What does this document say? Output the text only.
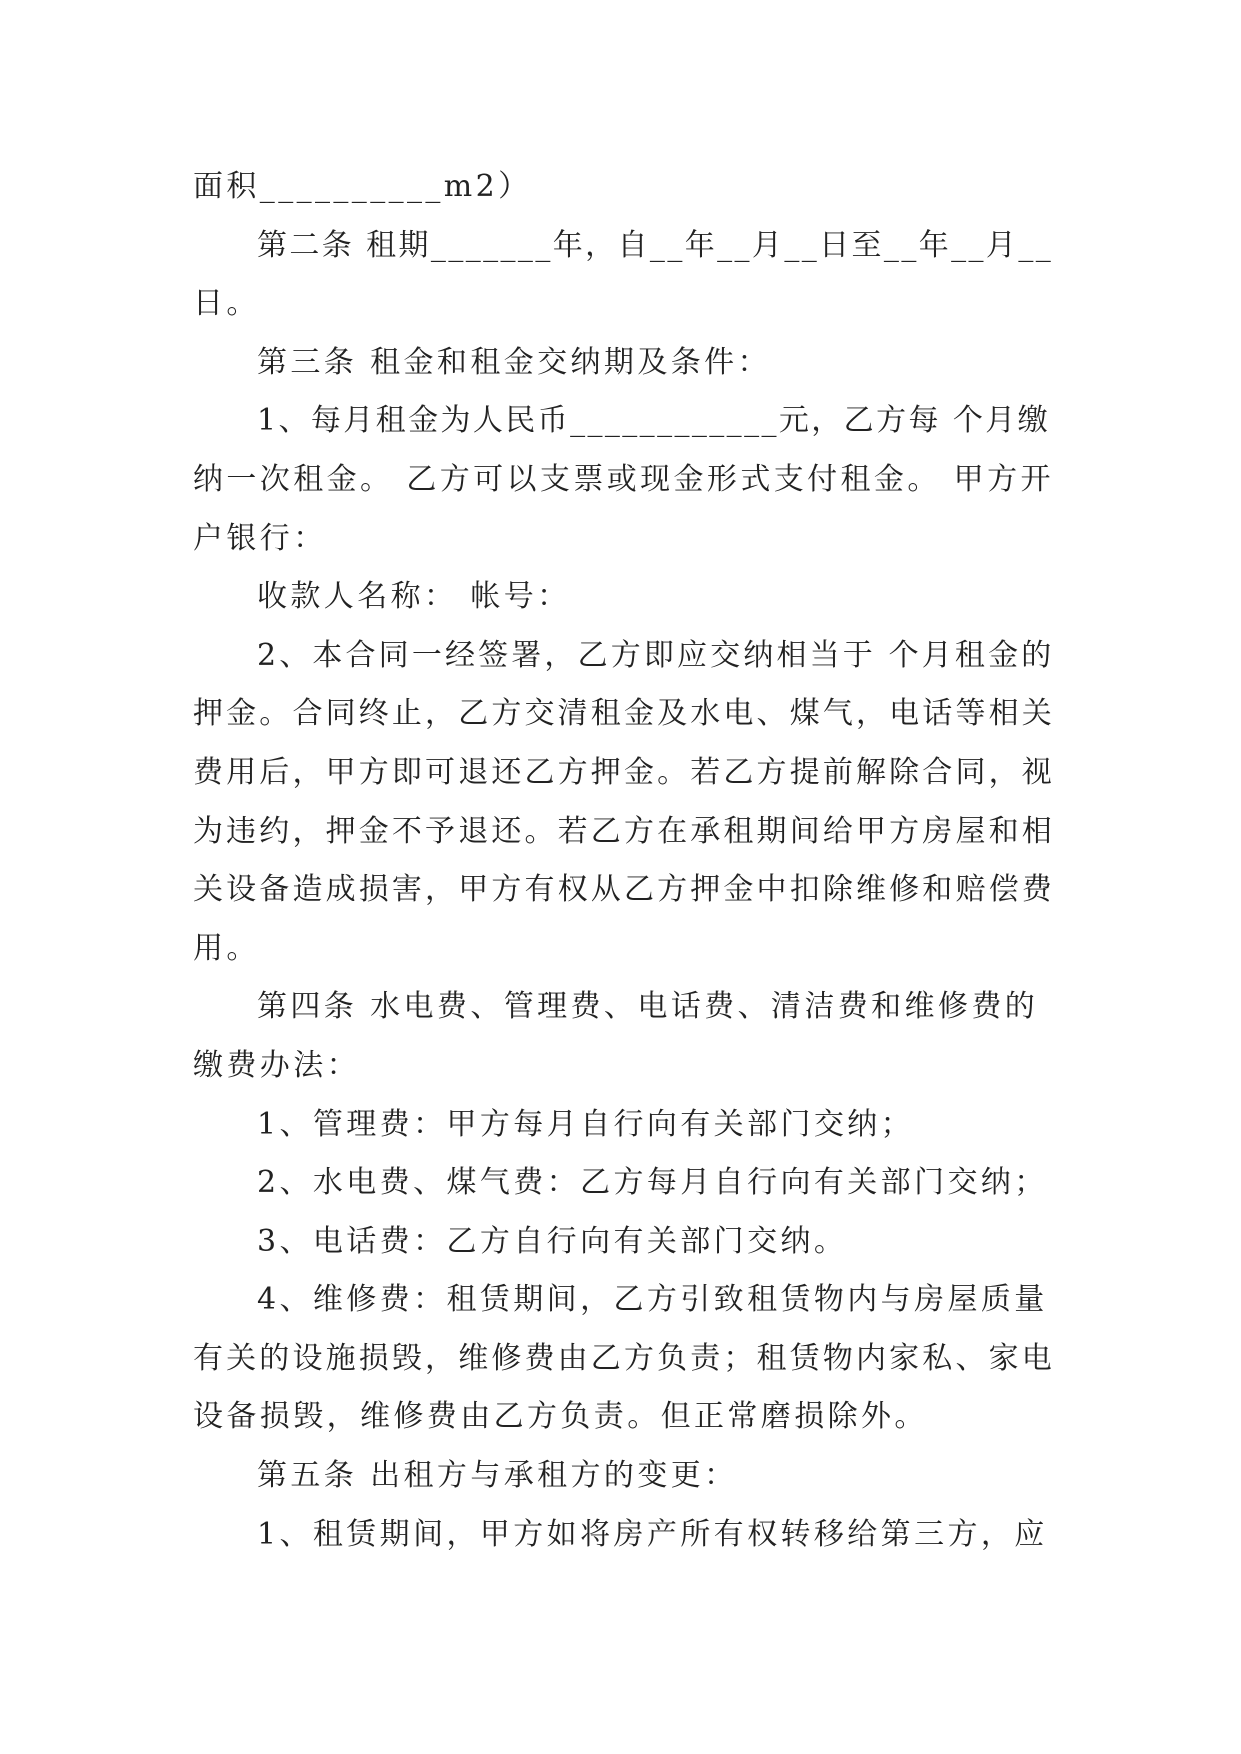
面积__________m2）
第二条 租期_______年，自__年__月__日至__年__月__
日。
第三条 租金和租金交纳期及条件：
1、每月租金为人民币____________元，乙方每 个月缴
纳一次租金。 乙方可以支票或现金形式支付租金。 甲方开
户银行：
收款人名称： 帐号：
2、本合同一经签署，乙方即应交纳相当于 个月租金的
押金。合同终止，乙方交清租金及水电、煤气，电话等相关
费用后，甲方即可退还乙方押金。若乙方提前解除合同，视
为违约，押金不予退还。若乙方在承租期间给甲方房屋和相
关设备造成损害，甲方有权从乙方押金中扣除维修和赔偿费
用。
第四条 水电费、管理费、电话费、清洁费和维修费的
缴费办法：
1、管理费：甲方每月自行向有关部门交纳；
2、水电费、煤气费：乙方每月自行向有关部门交纳；
3、电话费：乙方自行向有关部门交纳。
4、维修费：租赁期间，乙方引致租赁物内与房屋质量
有关的设施损毁，维修费由乙方负责；租赁物内家私、家电
设备损毁，维修费由乙方负责。但正常磨损除外。
第五条 出租方与承租方的变更：
1、租赁期间，甲方如将房产所有权转移给第三方，应
